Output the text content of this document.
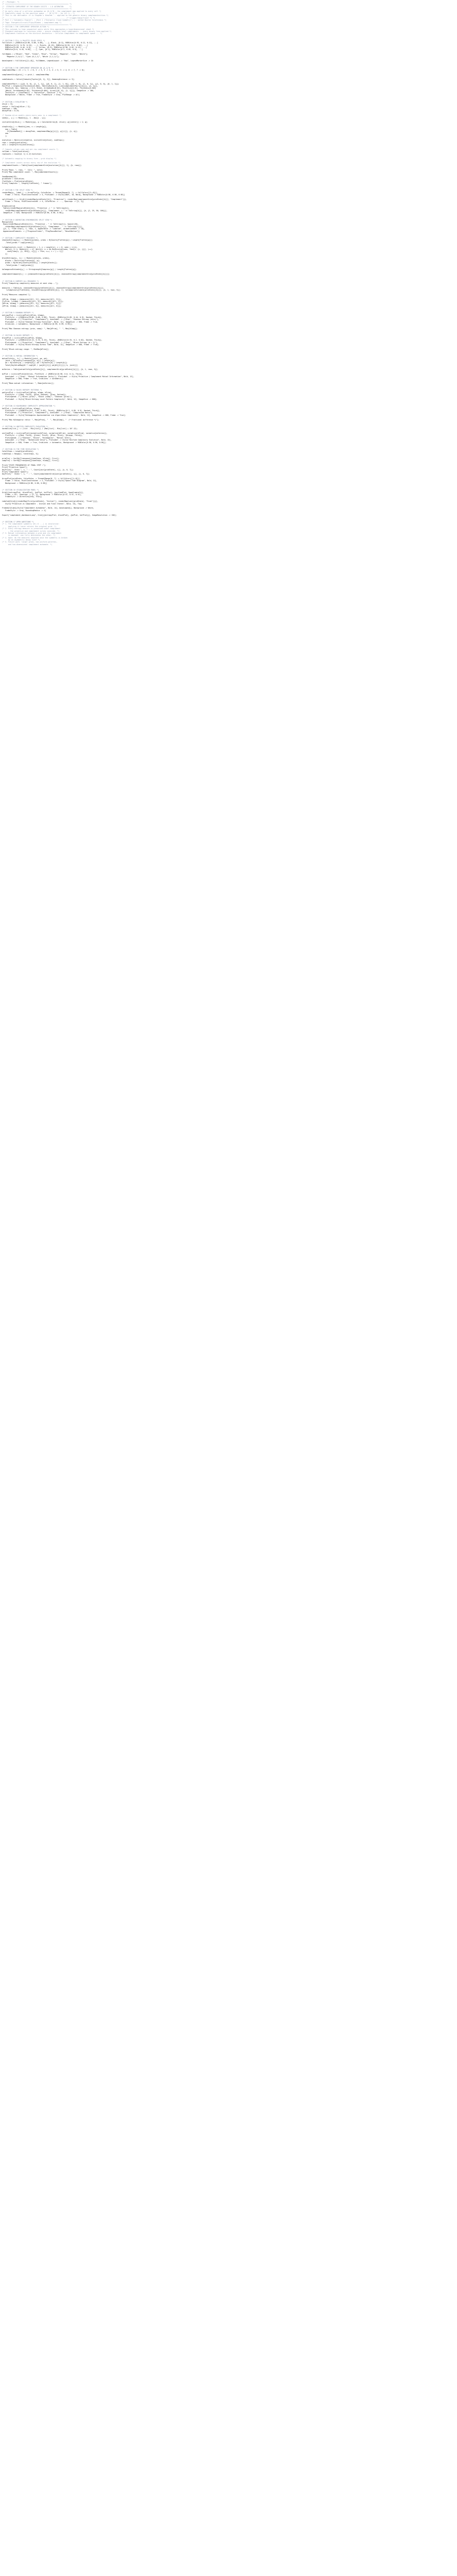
(* ::Package:: *)
(* ============================================================== *)
(*  ITERATED COMPLEMENT OF THE BINARY DIGITS : 1-D AUTOMATON      *)
(* ============================================================== *)
(* An early step of a cellular automaton on {0,1}^N : the complement map applied to every cell *)
(* Completely equal to the positive space ... {0,1}^Z2 ; for all k ; *)
(* This is not definable: it is Stephen's theorem ... applied to the generic binary complementarities *)
(* ----------------------------------------------------------- (* trigger/hdim/front? *) *)
(* Part 2 ("Automatic Engine") : (Part 1 ("Energetic Cloud Symmetry") ) : author:Nuclei Sinchronous *)
(* Tags: EnergeticCircuit/Flips/Blades ; complement-map *)
(* ============================================================== *)
(* SECTION 1 THE COMPLEMENT OPERATOR ACTION *)
(* This extends to time sequential pairs while this approaches a hyperdimensional sheet *)
(* Standard analogue to luxurious order : ensure standard-level complements -- every binary form applied *)
(* Complement-function on the distinct Aesthetics : Cellular-Complement to complement space ... *)
(* SECTION 2 FILL & PALETTE COLOR SPECS *)
fullColors = {RGBColor[0.86, 0.08, 0.08], ...}, Black, {0.3}, RGBColor[0.93, 0.12, 0.12], ...]
RGBColor[0.13, 0.70, 0.15], ...], Purple, {0.13}, RGBColor[0.55, 0.2, 0.62], ...]
RGBColor[0.09, 0.44, 0.9], ...], Yellow, {0.3}, RGBColor[0.98, 0.82, 0.12], ...]
RGBColor[0.6, 0.45, 0.05], ...], Cyan, {0.1}, RGBColor[0.2, 0.85, 0.9], ...]
fullNames = {"Black", "Red", "Green", "Blue", "Yellow", "Magenta", "Cyan", "White"};
"Magenta (1,0,1)", "Cyan (0,1,1)", "White (1,1,1)"};
baseLegend = fullColors[[1;;8]], fullNames, LegendLayout -> "Row", LegendMarkerSize -> 10
(* SECTION 3 THE COMPLEMENT OPERATOR ON {0,1}^N *)
complementMap = (0 -> 1, 1 -> 0, 2 -> 3, 3 -> 2, 4 -> 5, 5 -> 4, 6 -> 7, 7 -> 6);
complementGrid[grid_] := grid /. complementMap
codeSubsets = Select[Subsets[Tuples[{0, 1}, 3]], HammingDistance == 3];
complementPairs = {{{0, 0, 0}, {1, 1, 1}}, {{0, 0, 1}, {1, 1, 0}}, {{0, 1, 0}, {1, 0, 1}}, {{1, 0, 0}, {0, 1, 1}}}
PairPlot = Graphics[{Thickness[0.004], Table[{Hue[k/4], Line[complementPairs[[k]]]}, {k, 4}]},
Point[{0, 0}], Spacing -> 0.5, Black, Arrowheads[0.02], PointSize[0.01], Thickness[0.002]
{White, Arrowheads[0.02], Thickness[0.004], Arrow[{{0, 0}, {1, 1}}]}, ImageSize -> 380,
TextStyle -> {FontFamily -> "Helvetica", FontSize -> 9}, ...
Background -> White, Frame -> True, FrameStyle -> Gray, PlotRange -> All]
(* SECTION 4 EVOLUTION *)
nSize = 31;
center = Ceiling[nSize / 2];
numSteps = 100;
decayProb = 0.25;
(* Random-drive models where every pass is a complement *)
seed[x_, y_] := Module[{}, 1 - Abs[x - y]];
initialGrid[nSize_] := Module[{g}, g = ConstantArray[0, nSize]; g[[center]] = 1; g];
stepGrid[g_] := Module[{new, n = Length[g]},
new = Table[
If[RandomReal[] < decayProb, complementMap[g[[i]]], g[[i]]], {i, n}];
new
];
evolution = NestList[stepGrid, initialGrid[nSize], numSteps];
rows = Length[evolution];
cols = Length[First[evolution]];
(* Compute column sums and per-row complement counts *)
colSums = Total[evolution];
rowCounts = Count[#, 1] & /@ evolution;
(* Automatic mapping to binary form — grid display *)
(* Complement counts across every row of the evolution *)
complementCounts = Table[Count[complementGrid[evolution[[k]]], 1], {k, rows}];
Print["Rows: ", rows, "  Cols: ", cols];
Print["Max complement count: ", Max[complementCounts]];
SeedRandom[42];
gridState = evolution;
flatState = Flatten[gridState];
Print["Complete ", Length[flatState], " frames"];
(* SECTION 5 THE SPLIT VIEW *)
renderMap[g_, label_] := ArrayPlot[g, ColorRules -> Thread[Range[0, 7] -> fullColors[[1;;8]]],
Frame -> False, PixelConstrained -> 4, PlotLabel -> Style[label, 10, Bold], Background -> RGBColor[0.98, 0.98, 0.98]]
splitView[k_] := Grid[{{renderMap[gridState[[k]], "Primitive"], renderMap[complementGrid[gridState[[k]]], "Complement"]}},
Frame -> False, PixelConstrained -> 4, ColorRules -> ..., Spacings -> {2, 1}]
GraphicsGrid[
Table[{renderMap[gridState[[k]], "Primitive -> " <> ToString[k]],
renderMap[complementGrid[gridState[[k]]], "Complement -> " <> ToString[k]]}, {k, {1, 25, 50, 100}}],
ImageSize -> 620, Background -> RGBColor[0.96, 0.96, 0.96]]
(* SECTION 6 ANIMATION-SYNCHRONIZED SPLIT VIEW *)
Manipulate[
Row[{renderMap[gridState[[t]], "Primitive - " <> ToString[t]], Spacer[20],
renderMap[complementGrid[gridState[[t]]], "Complement - " <> ToString[t]]}],
{{t, 1, "Time step"}, 1, rows, 1, Appearance -> "Labeled", AnimationRate -> 10},
AppearanceElements -> {"ProgressSlider", "PlayPauseButton", "ResetButton"}]
(* SECTION 7 COMPLEXITY MEASURES *)
shannonEntropy[g_] := Module[{probs}, probs = N[Counts[Flatten[g]] / Length[Flatten[g]]];
-Total[probs * Log2[probs]]]
lzComplexity[s_List] := Module[{i = 1, n = Length[s], c = 0, seen = <||>},
While[i <= n, Module[{j = i}, While[j <= n && KeyExistsQ[seen, Take[s, {i, j}]], j++];
seen[Take[s, {i, Min[j, n]}]] = True; c++; i = j + 1]];
c]
blockEntropy[g_, b_] := Module[{blocks, probs},
blocks = Partition[Flatten[g], b];
probs = N[Values[Counts[blocks]] / Length[blocks]];
-Total[probs * Log2[probs]]]
kolmogorovEstimate[g_] := StringLength[Compress[g]] / Length[Flatten[g]];
complementCompare[k_] := {shannonEntropy[gridState[[k]]], shannonEntropy[complementGrid[gridState[[k]]]]}
(* SECTION 8 COMPUTE ALL MEASURES *)
Print["Computing complexity measures at each step..."];
measures = Table[{k, shannonEntropy[gridState[[k]]], shannonEntropy[complementGrid[gridState[[k]]]],
lzComplexity[flatState], blockEntropy[gridState[[k]], 2], kolmogorovEstimate[gridState[[k]]]}, {k, 1, rows, 5}];
Print["Measures computed."];
{hPrim, hComp} = {measures[[All, 2]], measures[[All, 3]]};
{lzPrim, lzComp} = {measures[[All, 4]], measures[[All, 4]]};
{bPrim, bComp} = {measures[[All, 5]], measures[[All, 5]]};
{kPrim, kComp} = {measures[[All, 6]], measures[[All, 6]]};
(* SECTION 9 SHANNON ENTROPY *)
entropyPlot = ListLinePlot[{hPrim, hComp},
PlotStyle -> {{RGBColor[0.86, 0.08, 0.08], Thick}, {RGBColor[0.09, 0.44, 0.9], Dashed, Thick}},
PlotLegends -> {"Primitive", "Complement"}, AxesLabel -> {"Step", "Shannon Entropy (bits)"},
PlotLabel -> Style["Shannon Entropy Evolution", Bold, 12], ImageSize -> 600, Frame -> True,
GridLines -> Automatic, Background -> RGBColor[0.99, 0.99, 0.99]];
Print["Max Shannon entropy (prim, comp): ", Max[hPrim], "  ", Max[hComp]];
(* SECTION 10 BLOCK ENTROPY *)
blockPlot = ListLinePlot[{bPrim, bComp},
PlotStyle -> {{RGBColor[0.13, 0.70, 0.15], Thick}, {RGBColor[0.55, 0.2, 0.62], Dashed, Thick}},
PlotLegends -> {"Primitive", "Complement"}, AxesLabel -> {"Step", "Block Entropy (b = 2)"},
PlotLabel -> Style["Block Entropy Across Time", Bold, 12], ImageSize -> 600, Frame -> True];
Print["Block entropy range: ", MinMax[bPrim]];
(* SECTION 11 MUTUAL INFORMATION *)
mutualInfo[a_, b_] := Module[{joint, pa, pb},
joint = N[Counts[Transpose[{a, b}]] / Length[a]];
pa = N[Counts[a] / Length[a]]; pb = N[Counts[b] / Length[b]];
Total[KeyValueMap[#2 * Log2[#2 / (pa[#1[[1]]] pb[#1[[2]]])] &, joint]]]
miSeries = Table[mutualInfo[gridState[[k]], complementGrid[gridState[[k]]]], {k, 1, rows, 5}];
miPlot = ListLinePlot[miSeries, PlotStyle -> {RGBColor[0.98, 0.6, 0.1], Thick},
AxesLabel -> {"Step", "Mutual Information (bits)"}, PlotLabel -> Style["Primitive / Complement Mutual Information", Bold, 12],
ImageSize -> 600, Frame -> True, GridLines -> Automatic];
Print["Mean mutual information: ", Mean[miSeries]];
(* SECTION 12 BLOCK ENTROPY PATTERNS *)
patternPlot = ListLinePlot[{bPrim, bComp, hPrim},
PlotStyle -> {{Red, Thick}, {Blue, Dashed}, {Gray, Dotted}},
PlotLegends -> {"Block (prim)", "Block (comp)", "Shannon (prim)"},
PlotLabel -> Style["Block Entropy Local Pattern Complexity", Bold, 12], ImageSize -> 600];
(* SECTION 13 KOLMOGOROV COMPLEXITY APPROXIMATION *)
kolPlot = ListLinePlot[{kPrim, kComp},
PlotStyle -> {{RGBColor[0.6, 0.45, 0.05], Thick}, {RGBColor[0.2, 0.85, 0.9], Dashed, Thick}},
PlotLegends -> {"Primitive", "Complement"}, AxesLabel -> {"Step", "Compressed Ratio"},
PlotLabel -> Style["Kolmogorov Approximation via Algorithmic Complexity", Bold, 12], ImageSize -> 600, Frame -> True];
Print["Max Kolmogorov ratio: ", Max[kPrim], "  ", Max[kComp], "  (* Fractional difference *)"];
(* SECTION 14 UNIFIED COMPLEXITY EVOLUTION *)
normalize[list_] := (list - Min[list]) / (Max[list] - Min[list] + 10^-12);
unifiedPlot = ListLinePlot[{normalize[hPrim], normalize[bPrim], normalize[kPrim], normalize[miSeries]},
PlotStyle -> {{Red, Thick}, {Green, Thick}, {Blue, Thick}, {Orange, Thick}},
PlotLegends -> {"Shannon", "Block", "Kolmogorov", "Mutual Info"},
AxesLabel -> {"Step", "Normalized Value"}, PlotLabel -> Style["Unified Complexity Evolution", Bold, 13],
ImageSize -> 640, Frame -> True, GridLines -> Automatic, Background -> RGBColor[0.98, 0.98, 0.98]];
(* SECTION 15 THE TIME REVELATION *)
totalSteps = Length[gridState];
timeSteps = Range[1, totalSteps, 5];
primTraj = SortBy[Transpose[{timeSteps, hPrim}], First];
compTraj = SortBy[Transpose[{timeSteps, hComp}], First];
Print["STATE FREQUENCIES AT FINAL STEP :"];
Print["Primitive Space"];
Do[Print["  State ", s, " : ", Count[Last[gridState], s]], {s, 0, 7}];
Print["Complement Space"];
Do[Print["  State ", s, " : ", Count[complementGrid[Last[gridState]], s]], {s, 0, 7}];
ArrayPlot[gridState, ColorRules -> Thread[Range[0, 7] -> fullColors[[1;;8]]],
Frame -> False, PixelConstrained -> 2, PlotLabel -> Style["Space-Time Diagram", Bold, 12],
Background -> RGBColor[0.98, 0.98, 0.98]]
(* SECTION 16 VISUALIZATION PANEL *)
Grid[{{entropyPlot, blockPlot}, {miPlot, kolPlot}, {unifiedPlot, SpanFromLeft}},
Frame -> All, Spacings -> {2, 2}, Background -> RGBColor[0.97, 0.97, 0.97],
FrameStyle -> Directive[Gray, Thin]]
Labeled[Grid[{{renderMap[First[gridState], "Initial"], renderMap[Last[gridState], "Final"]}}],
Style["Primitive vs Complement - Initial and Final States", Bold, 13], Top]
Framed[Column[{Style["Complement Automaton", Bold, 14], baseLegend}], Background -> White,
FrameStyle -> Gray, RoundingRadius -> 4]
Export["complement_dashboard.png", Grid[{{entropyPlot, blockPlot}, {miPlot, kolPlot}}], ImageResolution -> 150];
(* SECTION 17 OPEN QUESTIONS *)
(* 1. The complement symmetry (0<->1 ...) is involutive:
applying it twice returns the original grid. *)
(* 2. Every entropy measure is preserved under complement
— the primitive and complement curves coincide. *)
(* 3. Mutual information between a grid and its complement
is maximal: one fully determines the other. *)
(* 4. Open: do the measures separate once the symmetry is broken
by an asymmetric decay rule? *)
(* 5. Future work: larger grids, non-uniform palettes,
and two-dimensional complement automata. *)
